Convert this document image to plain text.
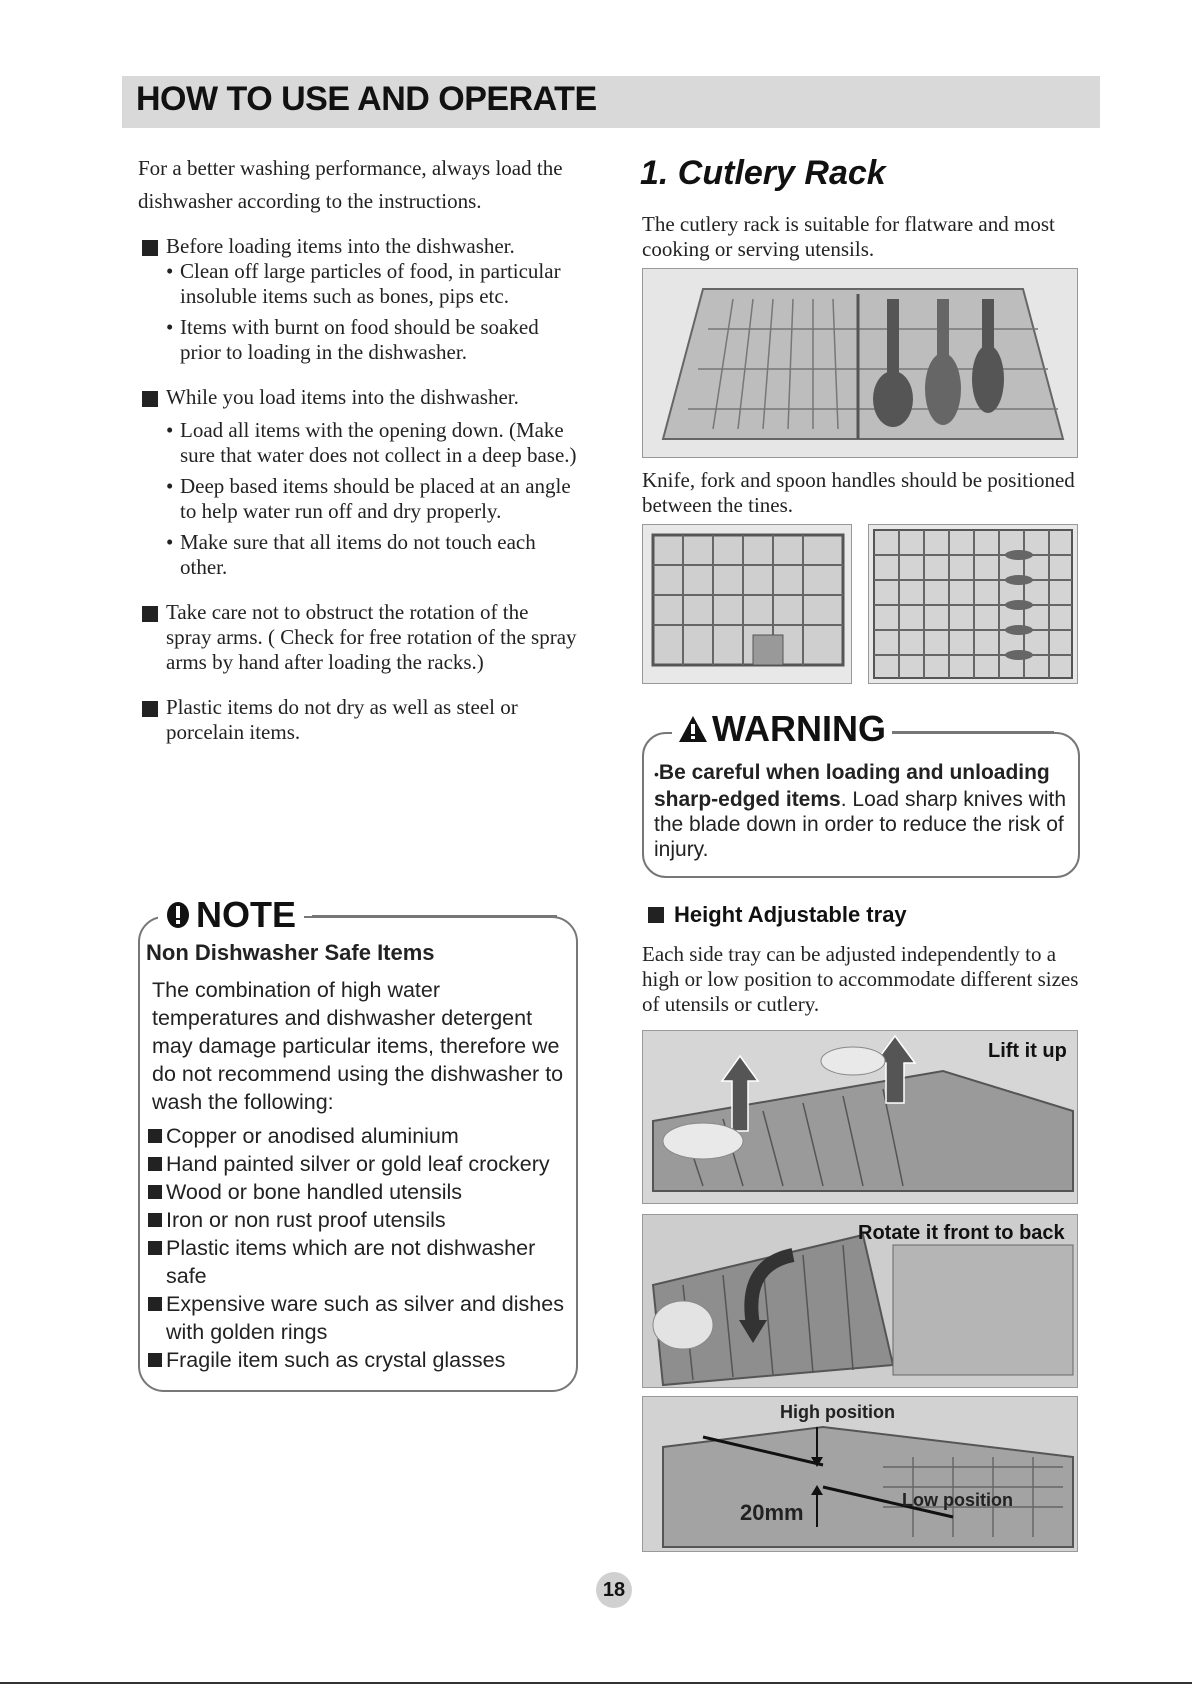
HOW TO USE AND OPERATE
For a better washing performance, always load the dishwasher according to the instructions.
Before loading items into the dishwasher.
• Clean off large particles of food, in particular insoluble items such as bones, pips etc.
• Items with burnt on food should be soaked prior to loading in the dishwasher.
While you load items into the dishwasher.
• Load all items with the opening down. (Make sure that water does not collect in a deep base.)
• Deep based items should be placed at an angle to help water run off and dry properly.
• Make sure that all items do not touch each other.
Take care not to obstruct the rotation of the spray arms. ( Check for free rotation of the spray arms by hand after loading the racks.)
Plastic items do not dry as well as steel or porcelain items.
NOTE
Non Dishwasher Safe Items
The combination of high water temperatures and dishwasher detergent may damage particular items, therefore we do not recommend using the dishwasher to wash the following:
Copper or anodised aluminium
Hand painted silver or gold leaf crockery
Wood or bone handled utensils
Iron or non rust proof utensils
Plastic items which are not dishwasher safe
Expensive ware such as silver and dishes with golden rings
Fragile item such as crystal glasses
1. Cutlery Rack
The cutlery rack is suitable for flatware and most cooking or serving utensils.
Knife, fork and spoon handles should be positioned between the tines.
WARNING
•Be careful when loading and unloading sharp-edged items. Load sharp knives with the blade down in order to reduce the risk of injury.
Height Adjustable tray
Each side tray can be adjusted independently to a high or low position to accommodate different sizes of utensils or cutlery.
Lift it up
Rotate it front to back
High position
Low position
20mm
18
